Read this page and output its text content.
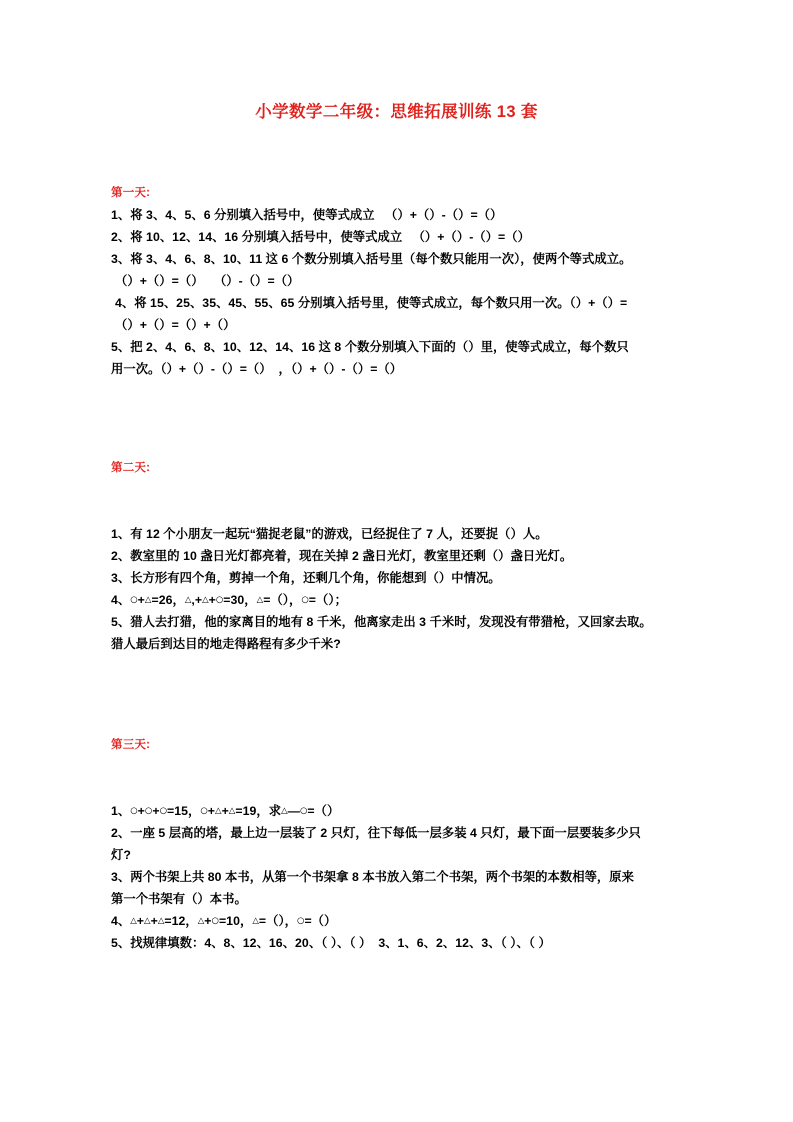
小学数学二年级：思维拓展训练 13 套
第一天:
1、将 3、4、5、6 分别填入括号中，使等式成立   （）+（）-（）=（）
2、将 10、12、14、16 分别填入括号中，使等式成立   （）+（）-（）=（）
3、将 3、4、6、8、10、11 这 6 个数分别填入括号里（每个数只能用一次），使两个等式成立。
（）+（）=（）   （）-（）=（）
4、将 15、25、35、45、55、65 分别填入括号里，使等式成立，每个数只用一次。（）+（）=
（）+（）=（）+（）
5、把 2、4、6、8、10、12、14、16 这 8 个数分别填入下面的（）里，使等式成立，每个数只
用一次。（）+（）-（）=（）  ，（）+（）-（）=（）
第二天:
1、有 12 个小朋友一起玩“猫捉老鼠”的游戏，已经捉住了 7 人，还要捉（）人。
2、教室里的 10 盏日光灯都亮着，现在关掉 2 盏日光灯，教室里还剩（）盏日光灯。
3、长方形有四个角，剪掉一个角，还剩几个角，你能想到（）中情况。
4、○+△=26，△,+△+○=30，△=（），○=（）；
5、猎人去打猎，他的家离目的地有 8 千米，他离家走出 3 千米时，发现没有带猎枪，又回家去取。
猎人最后到达目的地走得路程有多少千米?
第三天:
1、○+○+○=15，○+△+△=19，求△—○=（）
2、一座 5 层高的塔，最上边一层装了 2 只灯，往下每低一层多装 4 只灯，最下面一层要装多少只
灯?
3、两个书架上共 80 本书，从第一个书架拿 8 本书放入第二个书架，两个书架的本数相等，原来
第一个书架有（）本书。
4、△+△+△=12，△+○=10，△=（），○=（）
5、找规律填数：4、8、12、16、20、（ ）、（ ）  3、1、6、2、12、3、（ ）、（ ）
